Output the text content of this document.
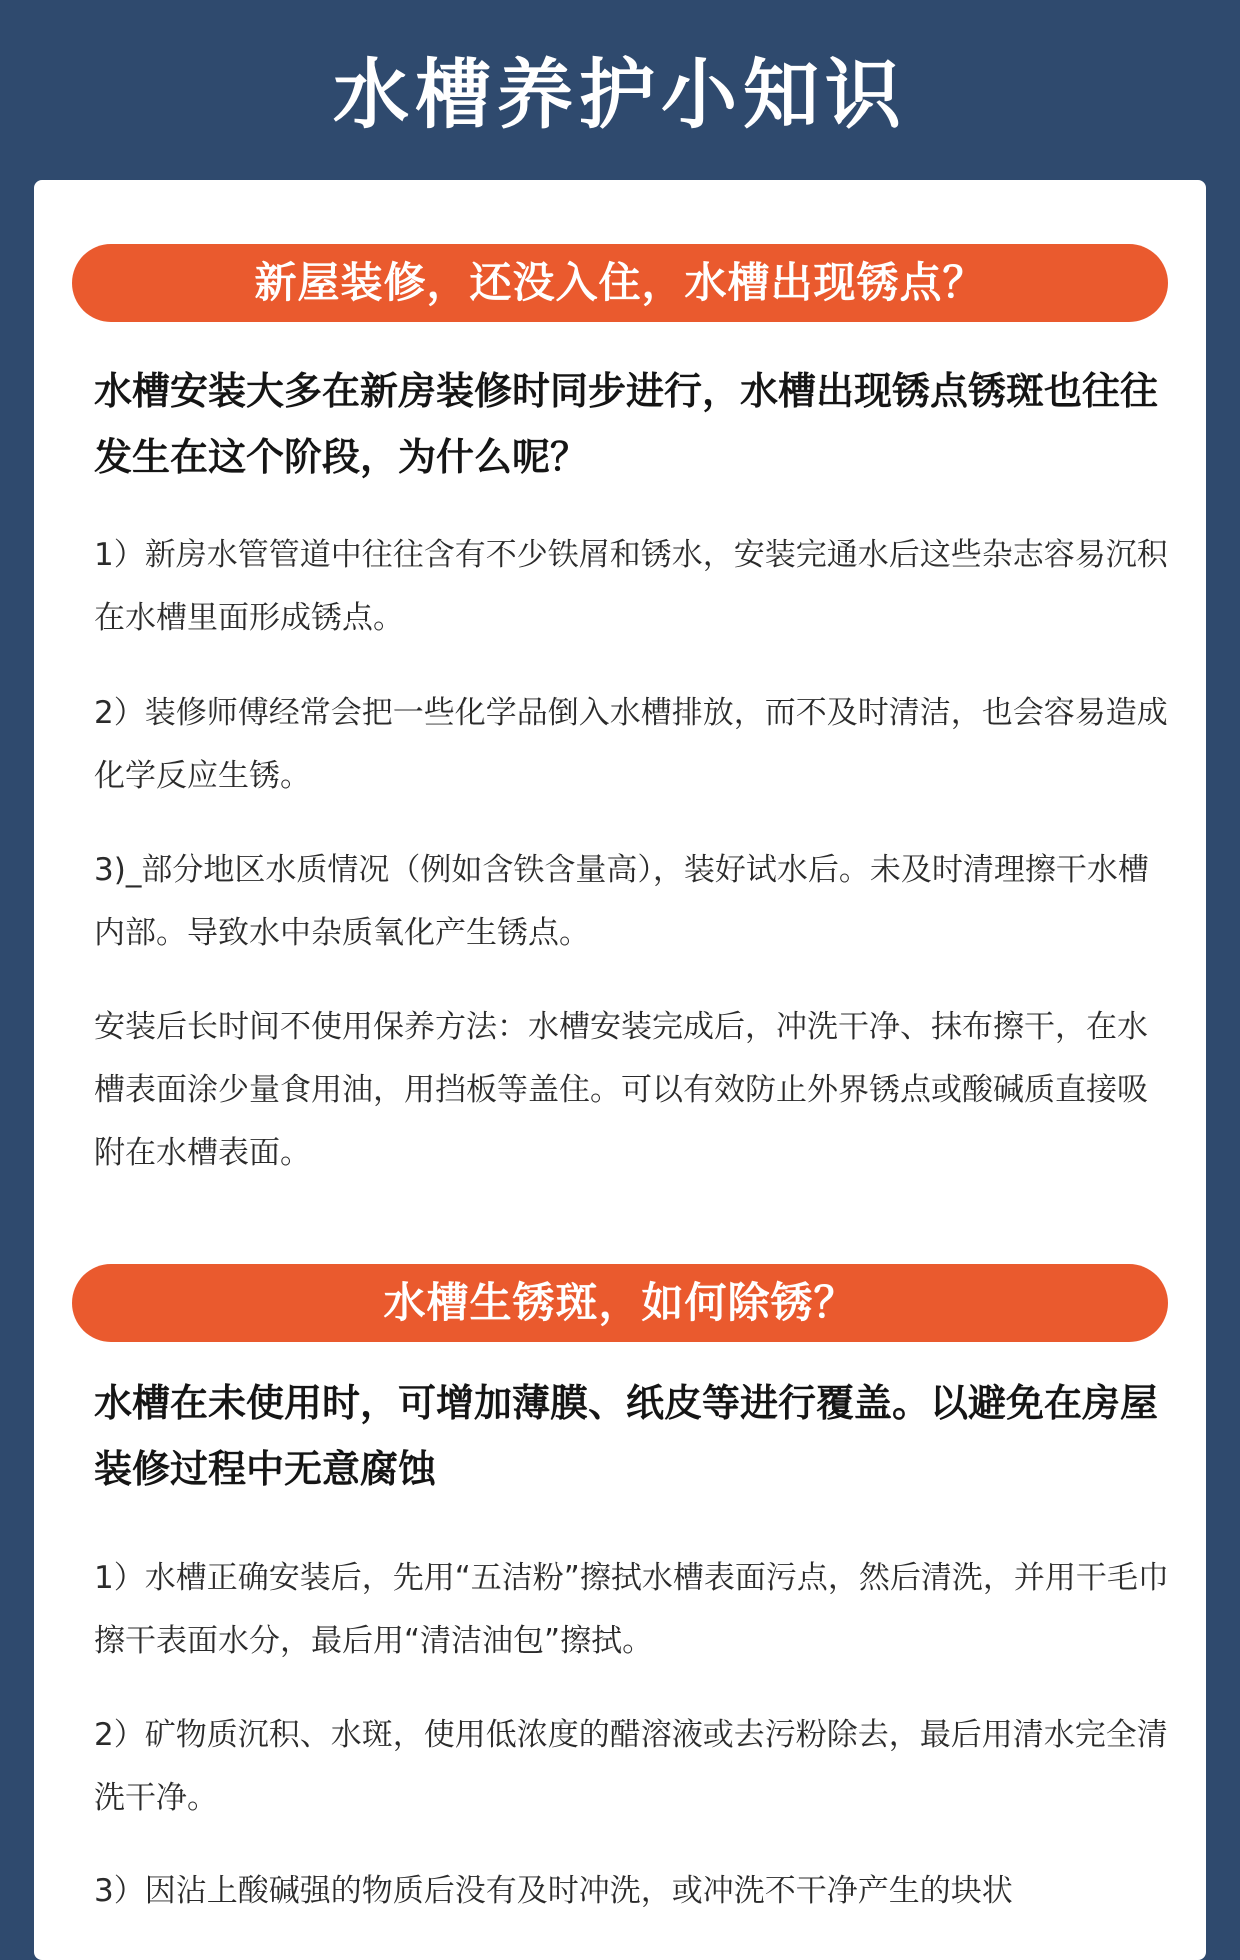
水槽养护小知识
新屋装修，还没入住，水槽出现锈点？

水槽安装大多在新房装修时同步进行，水槽出现锈点锈斑也往往发生在这个阶段，为什么呢？

1）新房水管管道中往往含有不少铁屑和锈水，安装完通水后这些杂志容易沉积在水槽里面形成锈点。

2）装修师傅经常会把一些化学品倒入水槽排放，而不及时清洁，也会容易造成化学反应生锈。

3)_部分地区水质情况（例如含铁含量高），装好试水后。未及时清理擦干水槽内部。导致水中杂质氧化产生锈点。

安装后长时间不使用保养方法：水槽安装完成后，冲洗干净、抹布擦干，在水槽表面涂少量食用油，用挡板等盖住。可以有效防止外界锈点或酸碱质直接吸附在水槽表面。

水槽生锈斑，如何除锈？

水槽在未使用时，可增加薄膜、纸皮等进行覆盖。以避免在房屋装修过程中无意腐蚀

1）水槽正确安装后，先用“五洁粉”擦拭水槽表面污点，然后清洗，并用干毛巾擦干表面水分，最后用“清洁油包”擦拭。

2）矿物质沉积、水斑，使用低浓度的醋溶液或去污粉除去，最后用清水完全清洗干净。

3）因沾上酸碱强的物质后没有及时冲洗，或冲洗不干净产生的块状
